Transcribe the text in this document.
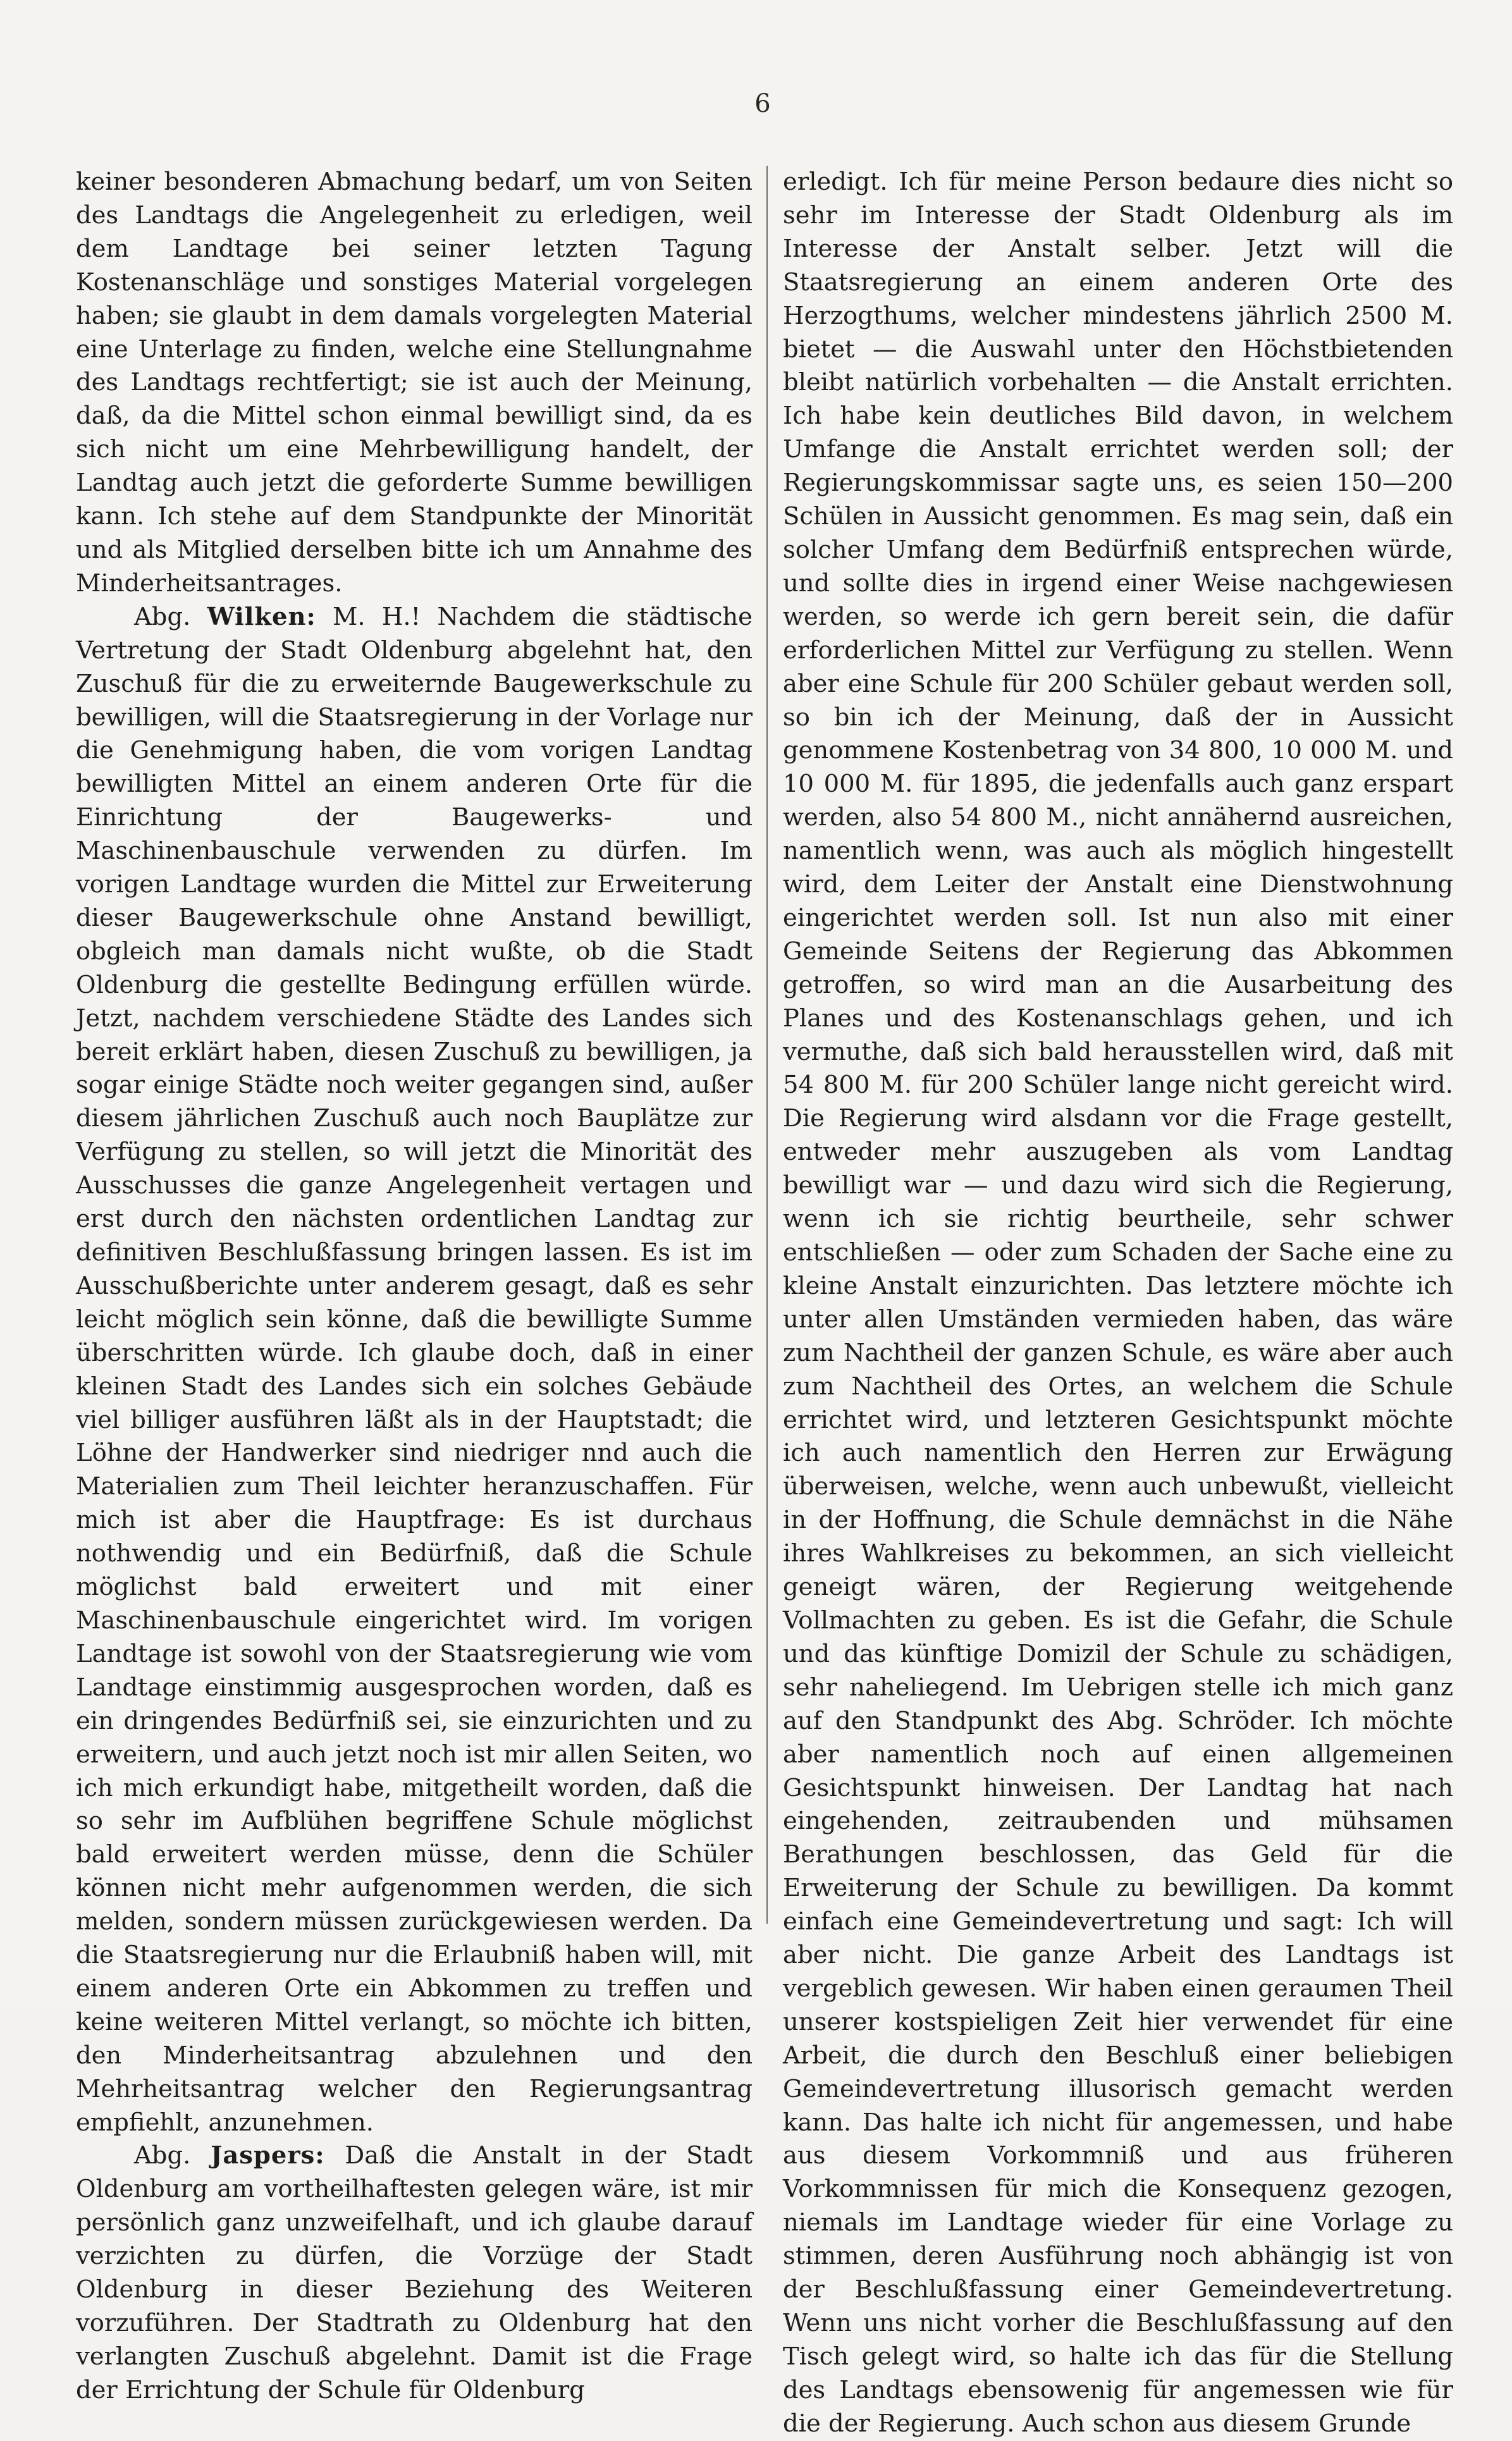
6

keiner besonderen Abmachung bedarf, um von Seiten des Landtags die Angelegenheit zu erledigen, weil dem Landtage bei seiner letzten Tagung Kostenanschläge und sonstiges Material vorgelegen haben; sie glaubt in dem damals vorgelegten Material eine Unterlage zu finden, welche eine Stellungnahme des Landtags rechtfertigt; sie ist auch der Meinung, daß, da die Mittel schon einmal bewilligt sind, da es sich nicht um eine Mehrbewilligung handelt, der Landtag auch jetzt die geforderte Summe bewilligen kann. Ich stehe auf dem Standpunkte der Minorität und als Mitglied derselben bitte ich um Annahme des Minderheitsantrages.

Abg. Wilken: M. H.! Nachdem die städtische Vertretung der Stadt Oldenburg abgelehnt hat, den Zuschuß für die zu erweiternde Baugewerkschule zu bewilligen, will die Staatsregierung in der Vorlage nur die Genehmigung haben, die vom vorigen Landtag bewilligten Mittel an einem anderen Orte für die Einrichtung der Baugewerks- und Maschinenbauschule verwenden zu dürfen. Im vorigen Landtage wurden die Mittel zur Erweiterung dieser Baugewerkschule ohne Anstand bewilligt, obgleich man damals nicht wußte, ob die Stadt Oldenburg die gestellte Bedingung erfüllen würde. Jetzt, nachdem verschiedene Städte des Landes sich bereit erklärt haben, diesen Zuschuß zu bewilligen, ja sogar einige Städte noch weiter gegangen sind, außer diesem jährlichen Zuschuß auch noch Bauplätze zur Verfügung zu stellen, so will jetzt die Minorität des Ausschusses die ganze Angelegenheit vertagen und erst durch den nächsten ordentlichen Landtag zur definitiven Beschlußfassung bringen lassen. Es ist im Ausschußberichte unter anderem gesagt, daß es sehr leicht möglich sein könne, daß die bewilligte Summe überschritten würde. Ich glaube doch, daß in einer kleinen Stadt des Landes sich ein solches Gebäude viel billiger ausführen läßt als in der Hauptstadt; die Löhne der Handwerker sind niedriger nnd auch die Materialien zum Theil leichter heranzuschaffen. Für mich ist aber die Hauptfrage: Es ist durchaus nothwendig und ein Bedürfniß, daß die Schule möglichst bald erweitert und mit einer Maschinenbauschule eingerichtet wird. Im vorigen Landtage ist sowohl von der Staatsregierung wie vom Landtage einstimmig ausgesprochen worden, daß es ein dringendes Bedürfniß sei, sie einzurichten und zu erweitern, und auch jetzt noch ist mir allen Seiten, wo ich mich erkundigt habe, mitgetheilt worden, daß die so sehr im Aufblühen begriffene Schule möglichst bald erweitert werden müsse, denn die Schüler können nicht mehr aufgenommen werden, die sich melden, sondern müssen zurückgewiesen werden. Da die Staatsregierung nur die Erlaubniß haben will, mit einem anderen Orte ein Abkommen zu treffen und keine weiteren Mittel verlangt, so möchte ich bitten, den Minderheitsantrag abzulehnen und den Mehrheitsantrag welcher den Regierungsantrag empfiehlt, anzunehmen.

Abg. Jaspers: Daß die Anstalt in der Stadt Oldenburg am vortheilhaftesten gelegen wäre, ist mir persönlich ganz unzweifelhaft, und ich glaube darauf verzichten zu dürfen, die Vorzüge der Stadt Oldenburg in dieser Beziehung des Weiteren vorzuführen. Der Stadtrath zu Oldenburg hat den verlangten Zuschuß abgelehnt. Damit ist die Frage der Errichtung der Schule für Oldenburg

erledigt. Ich für meine Person bedaure dies nicht so sehr im Interesse der Stadt Oldenburg als im Interesse der Anstalt selber. Jetzt will die Staatsregierung an einem anderen Orte des Herzogthums, welcher mindestens jährlich 2500 M. bietet — die Auswahl unter den Höchstbietenden bleibt natürlich vorbehalten — die Anstalt errichten. Ich habe kein deutliches Bild davon, in welchem Umfange die Anstalt errichtet werden soll; der Regierungskommissar sagte uns, es seien 150—200 Schülen in Aussicht genommen. Es mag sein, daß ein solcher Umfang dem Bedürfniß entsprechen würde, und sollte dies in irgend einer Weise nachgewiesen werden, so werde ich gern bereit sein, die dafür erforderlichen Mittel zur Verfügung zu stellen. Wenn aber eine Schule für 200 Schüler gebaut werden soll, so bin ich der Meinung, daß der in Aussicht genommene Kostenbetrag von 34 800, 10 000 M. und 10 000 M. für 1895, die jedenfalls auch ganz erspart werden, also 54 800 M., nicht annähernd ausreichen, namentlich wenn, was auch als möglich hingestellt wird, dem Leiter der Anstalt eine Dienstwohnung eingerichtet werden soll. Ist nun also mit einer Gemeinde Seitens der Regierung das Abkommen getroffen, so wird man an die Ausarbeitung des Planes und des Kostenanschlags gehen, und ich vermuthe, daß sich bald herausstellen wird, daß mit 54 800 M. für 200 Schüler lange nicht gereicht wird. Die Regierung wird alsdann vor die Frage gestellt, entweder mehr auszugeben als vom Landtag bewilligt war — und dazu wird sich die Regierung, wenn ich sie richtig beurtheile, sehr schwer entschließen — oder zum Schaden der Sache eine zu kleine Anstalt einzurichten. Das letztere möchte ich unter allen Umständen vermieden haben, das wäre zum Nachtheil der ganzen Schule, es wäre aber auch zum Nachtheil des Ortes, an welchem die Schule errichtet wird, und letzteren Gesichtspunkt möchte ich auch namentlich den Herren zur Erwägung überweisen, welche, wenn auch unbewußt, vielleicht in der Hoffnung, die Schule demnächst in die Nähe ihres Wahlkreises zu bekommen, an sich vielleicht geneigt wären, der Regierung weitgehende Vollmachten zu geben. Es ist die Gefahr, die Schule und das künftige Domizil der Schule zu schädigen, sehr naheliegend. Im Uebrigen stelle ich mich ganz auf den Standpunkt des Abg. Schröder. Ich möchte aber namentlich noch auf einen allgemeinen Gesichtspunkt hinweisen. Der Landtag hat nach eingehenden, zeitraubenden und mühsamen Berathungen beschlossen, das Geld für die Erweiterung der Schule zu bewilligen. Da kommt einfach eine Gemeindevertretung und sagt: Ich will aber nicht. Die ganze Arbeit des Landtags ist vergeblich gewesen. Wir haben einen geraumen Theil unserer kostspieligen Zeit hier verwendet für eine Arbeit, die durch den Beschluß einer beliebigen Gemeindevertretung illusorisch gemacht werden kann. Das halte ich nicht für angemessen, und habe aus diesem Vorkommniß und aus früheren Vorkommnissen für mich die Konsequenz gezogen, niemals im Landtage wieder für eine Vorlage zu stimmen, deren Ausführung noch abhängig ist von der Beschlußfassung einer Gemeindevertretung. Wenn uns nicht vorher die Beschlußfassung auf den Tisch gelegt wird, so halte ich das für die Stellung des Landtags ebensowenig für angemessen wie für die der Regierung. Auch schon aus diesem Grunde
